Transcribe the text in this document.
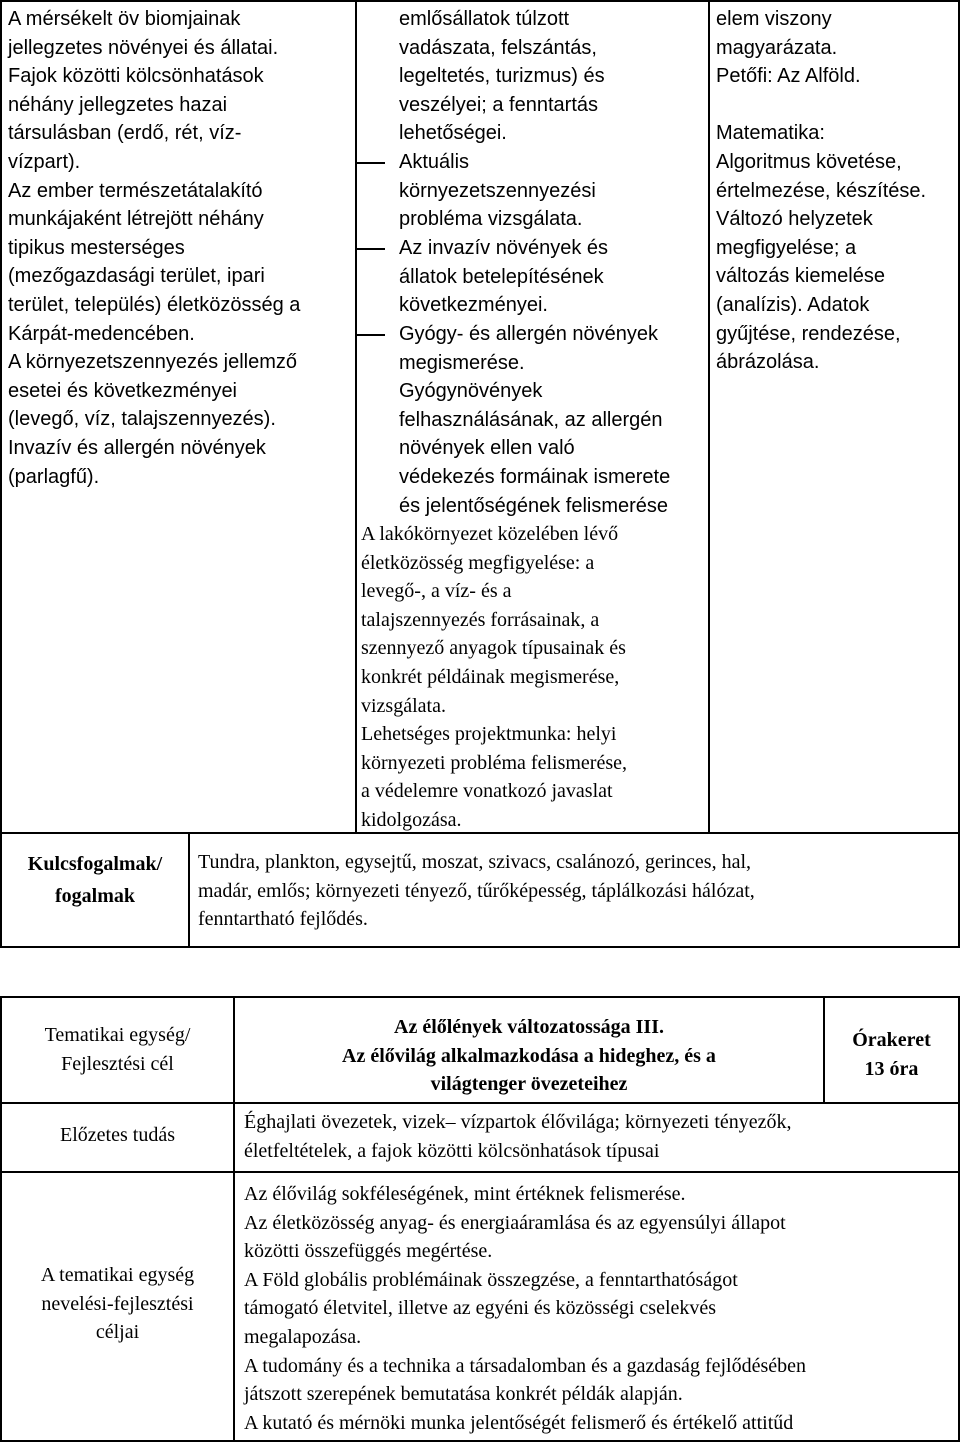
A mérsékelt öv biomjainak
jellegzetes növényei és állatai.
Fajok közötti kölcsönhatások
néhány jellegzetes hazai
társulásban (erdő, rét, víz-
vízpart).
Az ember természetátalakító
munkájaként létrejött néhány
tipikus mesterséges
(mezőgazdasági terület, ipari
terület, település) életközösség a
Kárpát-medencében.
A környezetszennyezés jellemző
esetei és következményei
(levegő, víz, talajszennyezés).
Invazív és allergén növények
(parlagfű).
emlősállatok túlzott
vadászata, felszántás,
legeltetés, turizmus) és
veszélyei; a fenntartás
lehetőségei.
Aktuális
környezetszennyezési
probléma vizsgálata.
Az invazív növények és
állatok betelepítésének
következményei.
Gyógy- és allergén növények
megismerése.
Gyógynövények
felhasználásának, az allergén
növények ellen való
védekezés formáinak ismerete
és jelentőségének felismerése
A lakókörnyezet közelében lévő
életközösség megfigyelése: a
levegő-, a víz- és a
talajszennyezés forrásainak, a
szennyező anyagok típusainak és
konkrét példáinak megismerése,
vizsgálata.
Lehetséges projektmunka: helyi
környezeti probléma felismerése,
a védelemre vonatkozó javaslat
kidolgozása.
elem viszony
magyarázata.
Petőfi: Az Alföld.

Matematika:
Algoritmus követése,
értelmezése, készítése.
Változó helyzetek
megfigyelése; a
változás kiemelése
(analízis). Adatok
gyűjtése, rendezése,
ábrázolása.
Kulcsfogalmak/
fogalmak
Tundra, plankton, egysejtű, moszat, szivacs, csalánozó, gerinces, hal,
madár, emlős; környezeti tényező, tűrőképesség, táplálkozási hálózat,
fenntartható fejlődés.
Tematikai egység/
Fejlesztési cél
Az élőlények változatossága III.
Az élővilág alkalmazkodása a hideghez, és a
világtenger övezeteihez
Órakeret
13 óra
Előzetes tudás
Éghajlati övezetek, vizek– vízpartok élővilága; környezeti tényezők,
életfeltételek, a fajok közötti kölcsönhatások típusai
A tematikai egység
nevelési-fejlesztési
céljai
Az élővilág sokféleségének, mint értéknek felismerése.
Az életközösség anyag- és energiaáramlása és az egyensúlyi állapot
közötti összefüggés megértése.
A Föld globális problémáinak összegzése, a fenntarthatóságot
támogató életvitel, illetve az egyéni és közösségi cselekvés
megalapozása.
A tudomány és a technika a társadalomban és a gazdaság fejlődésében
játszott szerepének bemutatása konkrét példák alapján.
A kutató és mérnöki munka jelentőségét felismerő és értékelő attitűd
